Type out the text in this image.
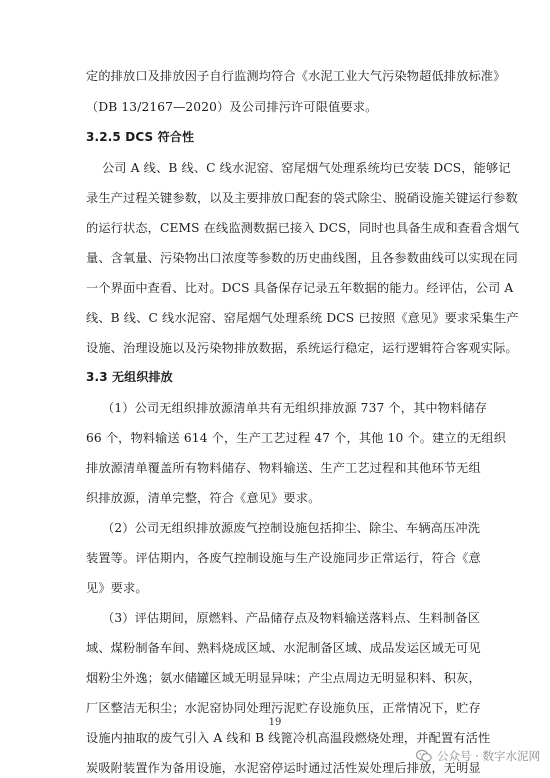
定的排放口及排放因子自行监测均符合《水泥工业大气污染物超低排放标准》
（DB 13/2167—2020）及公司排污许可限值要求。
3.2.5 DCS 符合性
公司 A 线、B 线、C 线水泥窑、窑尾烟气处理系统均已安装 DCS，能够记
录生产过程关键参数，以及主要排放口配套的袋式除尘、脱硝设施关键运行参数
的运行状态，CEMS 在线监测数据已接入 DCS，同时也具备生成和查看含烟气
量、含氧量、污染物出口浓度等参数的历史曲线图，且各参数曲线可以实现在同
一个界面中查看、比对。DCS 具备保存记录五年数据的能力。经评估，公司 A
线、B 线、C 线水泥窑、窑尾烟气处理系统 DCS 已按照《意见》要求采集生产
设施、治理设施以及污染物排放数据，系统运行稳定，运行逻辑符合客观实际。
3.3 无组织排放
（1）公司无组织排放源清单共有无组织排放源 737 个，其中物料储存
66 个，物料输送 614 个，生产工艺过程 47 个，其他 10 个。建立的无组织
排放源清单覆盖所有物料储存、物料输送、生产工艺过程和其他环节无组
织排放源，清单完整，符合《意见》要求。
（2）公司无组织排放源废气控制设施包括抑尘、除尘、车辆高压冲洗
装置等。评估期内，各废气控制设施与生产设施同步正常运行，符合《意
见》要求。
（3）评估期间，原燃料、产品储存点及物料输送落料点、生料制备区
域、煤粉制备车间、熟料烧成区域、水泥制备区域、成品发运区域无可见
烟粉尘外逸；氨水储罐区域无明显异味；产尘点周边无明显积料、积灰，
厂区整洁无积尘；水泥窑协同处理污泥贮存设施负压，正常情况下，贮存
设施内抽取的废气引入 A 线和 B 线篦冷机高温段燃烧处理，并配置有活性
炭吸附装置作为备用设施，水泥窑停运时通过活性炭处理后排放，无明显
19
公众号 · 数字水泥网
